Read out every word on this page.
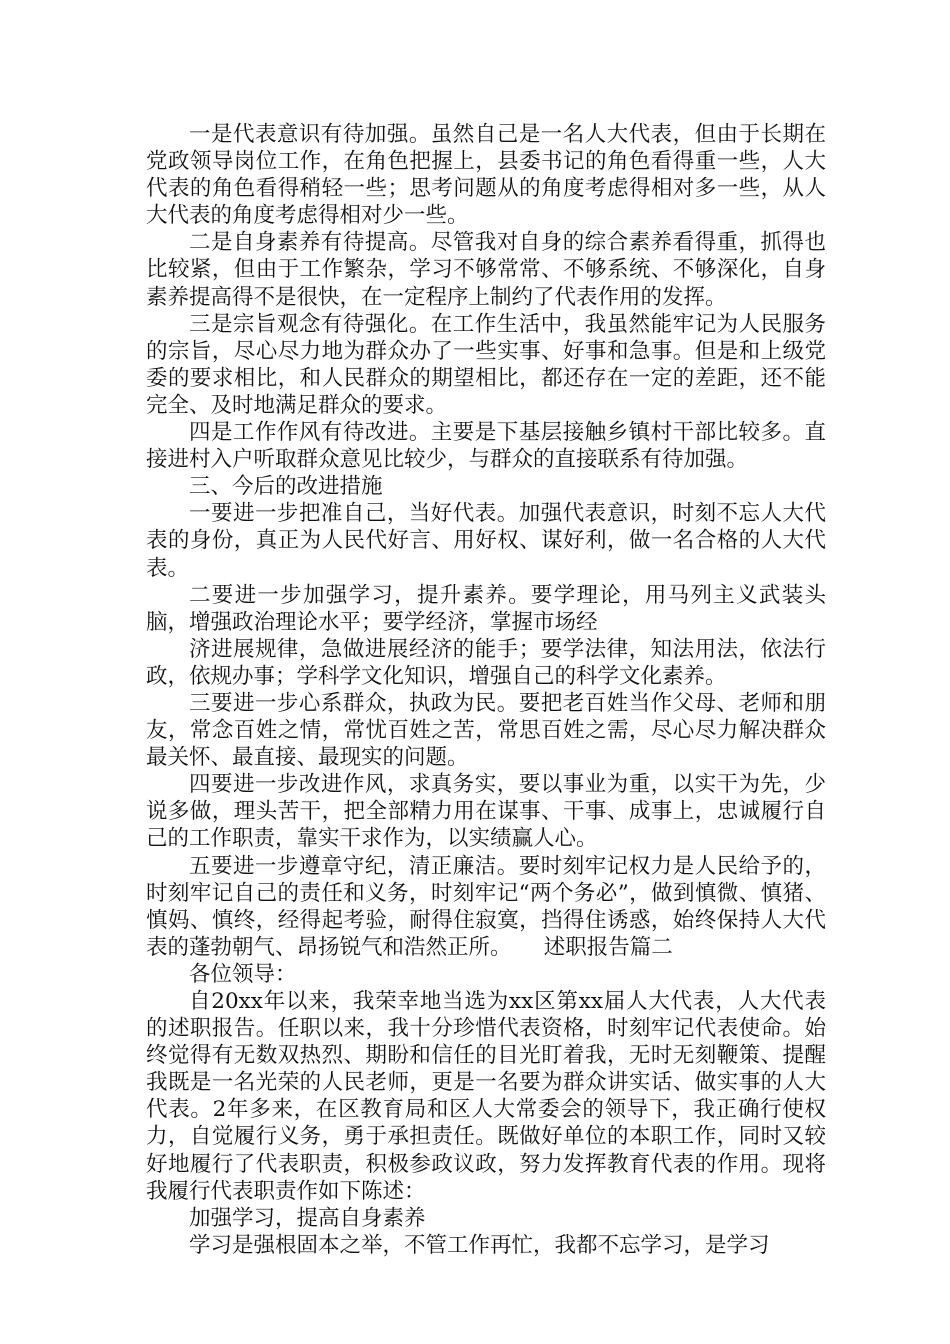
一是代表意识有待加强。虽然自己是一名人大代表，但由于长期在党政领导岗位工作，在角色把握上，县委书记的角色看得重一些，人大代表的角色看得稍轻一些；思考问题从的角度考虑得相对多一些，从人大代表的角度考虑得相对少一些。

二是自身素养有待提高。尽管我对自身的综合素养看得重，抓得也比较紧，但由于工作繁杂，学习不够常常、不够系统、不够深化，自身素养提高得不是很快，在一定程序上制约了代表作用的发挥。

三是宗旨观念有待强化。在工作生活中，我虽然能牢记为人民服务的宗旨，尽心尽力地为群众办了一些实事、好事和急事。但是和上级党委的要求相比，和人民群众的期望相比，都还存在一定的差距，还不能完全、及时地满足群众的要求。

四是工作作风有待改进。主要是下基层接触乡镇村干部比较多。直接进村入户听取群众意见比较少，与群众的直接联系有待加强。

三、今后的改进措施

一要进一步把准自己，当好代表。加强代表意识，时刻不忘人大代表的身份，真正为人民代好言、用好权、谋好利，做一名合格的人大代表。

二要进一步加强学习，提升素养。要学理论，用马列主义武装头脑，增强政治理论水平；要学经济，掌握市场经

济进展规律，急做进展经济的能手；要学法律，知法用法，依法行政，依规办事；学科学文化知识，增强自己的科学文化素养。

三要进一步心系群众，执政为民。要把老百姓当作父母、老师和朋友，常念百姓之情，常忧百姓之苦，常思百姓之需，尽心尽力解决群众最关怀、最直接、最现实的问题。

四要进一步改进作风，求真务实，要以事业为重，以实干为先，少说多做，理头苦干，把全部精力用在谋事、干事、成事上，忠诚履行自己的工作职责，靠实干求作为，以实绩赢人心。

五要进一步遵章守纪，清正廉洁。要时刻牢记权力是人民给予的，时刻牢记自己的责任和义务，时刻牢记“两个务必”，做到慎微、慎猪、慎妈、慎终，经得起考验，耐得住寂寞，挡得住诱惑，始终保持人大代表的蓬勃朝气、昂扬锐气和浩然正所。　　述职报告篇二

各位领导：

自20xx年以来，我荣幸地当选为xx区第xx届人大代表，人大代表的述职报告。任职以来，我十分珍惜代表资格，时刻牢记代表使命。始终觉得有无数双热烈、期盼和信任的目光盯着我，无时无刻鞭策、提醒我既是一名光荣的人民老师，更是一名要为群众讲实话、做实事的人大代表。2年多来，在区教育局和区人大常委会的领导下，我正确行使权力，自觉履行义务，勇于承担责任。既做好单位的本职工作，同时又较好地履行了代表职责，积极参政议政，努力发挥教育代表的作用。现将我履行代表职责作如下陈述：

加强学习，提高自身素养

学习是强根固本之举，不管工作再忙，我都不忘学习，是学习
